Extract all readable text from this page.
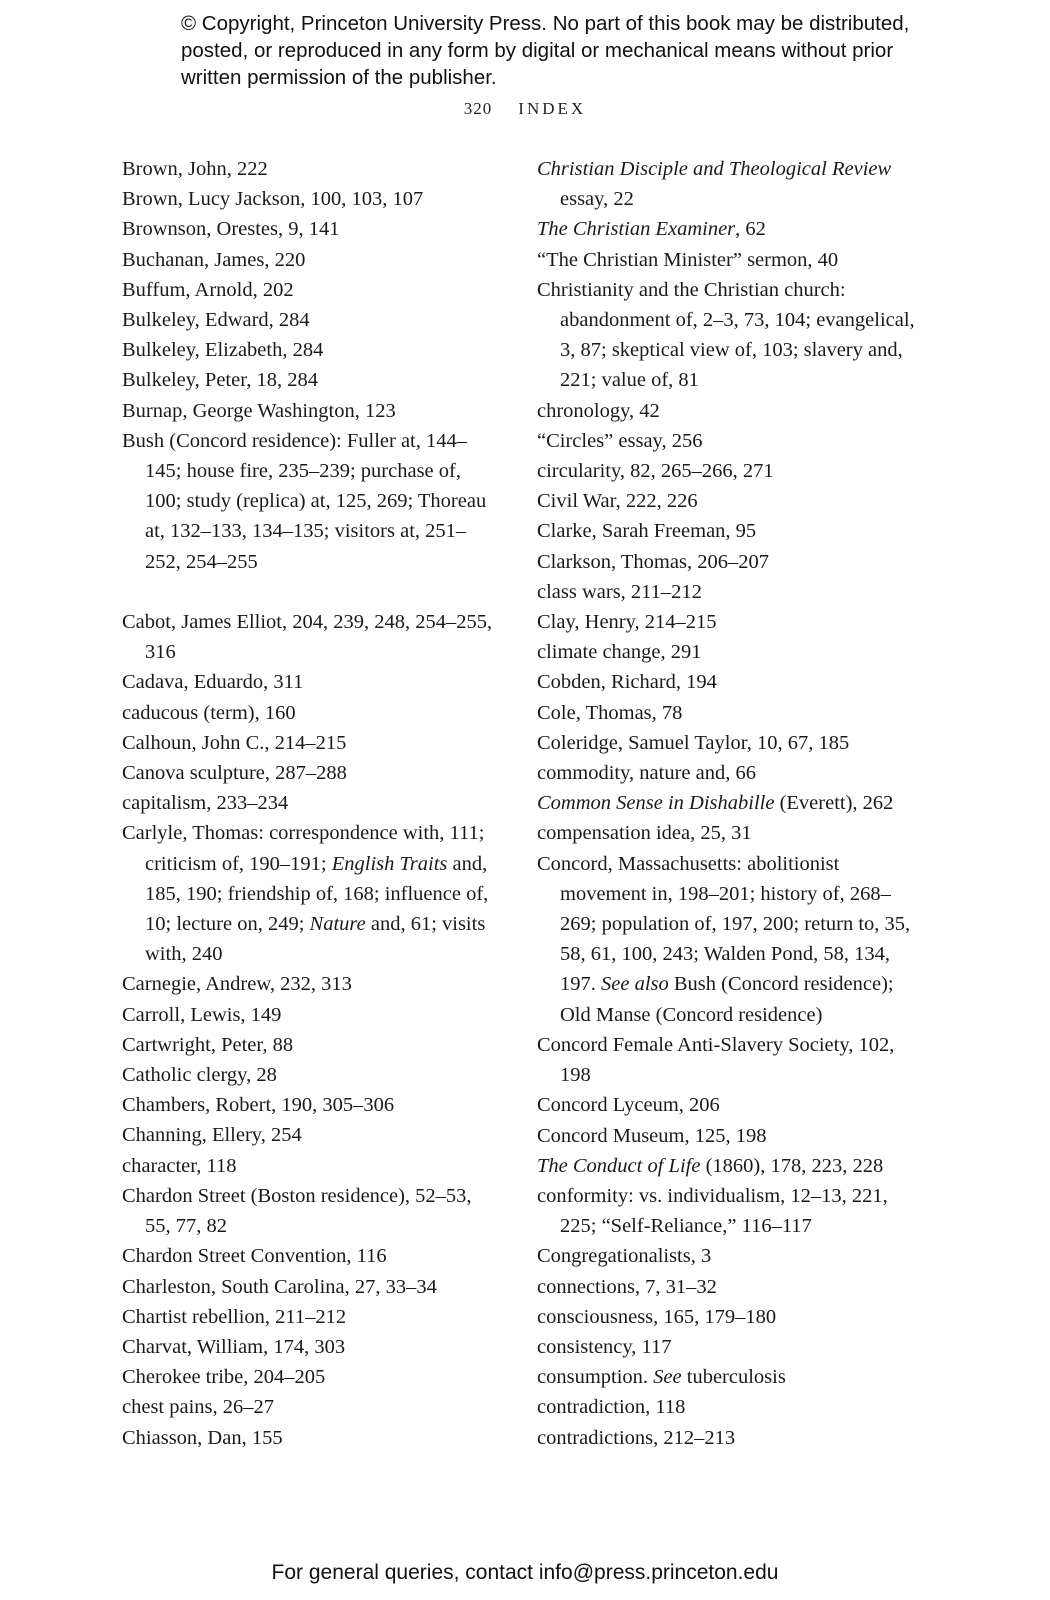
© Copyright, Princeton University Press. No part of this book may be distributed, posted, or reproduced in any form by digital or mechanical means without prior written permission of the publisher.
320 INDEX
Brown, John, 222
Brown, Lucy Jackson, 100, 103, 107
Brownson, Orestes, 9, 141
Buchanan, James, 220
Buffum, Arnold, 202
Bulkeley, Edward, 284
Bulkeley, Elizabeth, 284
Bulkeley, Peter, 18, 284
Burnap, George Washington, 123
Bush (Concord residence): Fuller at, 144–145; house fire, 235–239; purchase of, 100; study (replica) at, 125, 269; Thoreau at, 132–133, 134–135; visitors at, 251–252, 254–255
Cabot, James Elliot, 204, 239, 248, 254–255, 316
Cadava, Eduardo, 311
caducous (term), 160
Calhoun, John C., 214–215
Canova sculpture, 287–288
capitalism, 233–234
Carlyle, Thomas: correspondence with, 111; criticism of, 190–191; English Traits and, 185, 190; friendship of, 168; influence of, 10; lecture on, 249; Nature and, 61; visits with, 240
Carnegie, Andrew, 232, 313
Carroll, Lewis, 149
Cartwright, Peter, 88
Catholic clergy, 28
Chambers, Robert, 190, 305–306
Channing, Ellery, 254
character, 118
Chardon Street (Boston residence), 52–53, 55, 77, 82
Chardon Street Convention, 116
Charleston, South Carolina, 27, 33–34
Chartist rebellion, 211–212
Charvat, William, 174, 303
Cherokee tribe, 204–205
chest pains, 26–27
Chiasson, Dan, 155
Christian Disciple and Theological Review essay, 22
The Christian Examiner, 62
“The Christian Minister” sermon, 40
Christianity and the Christian church: abandonment of, 2–3, 73, 104; evangelical, 3, 87; skeptical view of, 103; slavery and, 221; value of, 81
chronology, 42
“Circles” essay, 256
circularity, 82, 265–266, 271
Civil War, 222, 226
Clarke, Sarah Freeman, 95
Clarkson, Thomas, 206–207
class wars, 211–212
Clay, Henry, 214–215
climate change, 291
Cobden, Richard, 194
Cole, Thomas, 78
Coleridge, Samuel Taylor, 10, 67, 185
commodity, nature and, 66
Common Sense in Dishabille (Everett), 262
compensation idea, 25, 31
Concord, Massachusetts: abolitionist movement in, 198–201; history of, 268–269; population of, 197, 200; return to, 35, 58, 61, 100, 243; Walden Pond, 58, 134, 197. See also Bush (Concord residence); Old Manse (Concord residence)
Concord Female Anti-Slavery Society, 102, 198
Concord Lyceum, 206
Concord Museum, 125, 198
The Conduct of Life (1860), 178, 223, 228
conformity: vs. individualism, 12–13, 221, 225; “Self-Reliance,” 116–117
Congregationalists, 3
connections, 7, 31–32
consciousness, 165, 179–180
consistency, 117
consumption. See tuberculosis
contradiction, 118
contradictions, 212–213
For general queries, contact info@press.princeton.edu
